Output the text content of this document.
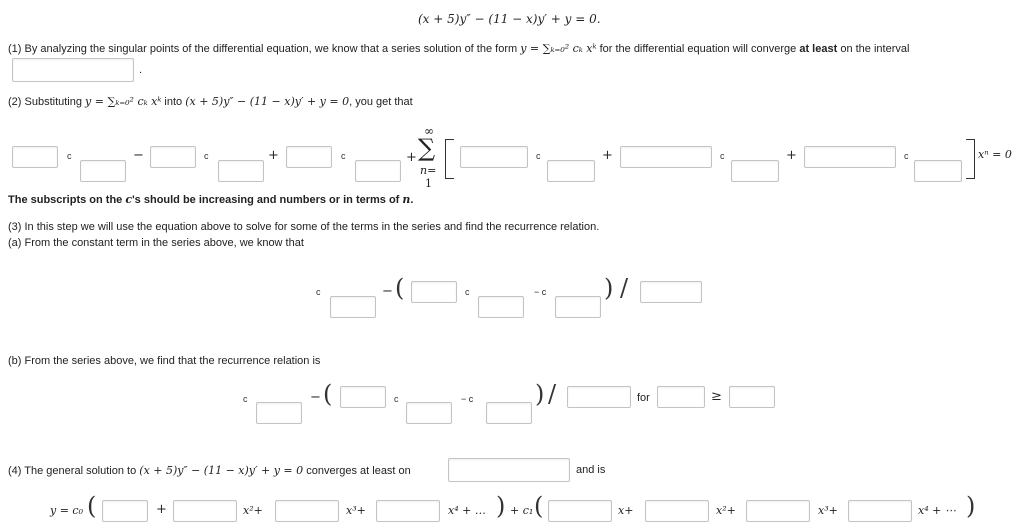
(x + 5)y″ − (11 − x)y′ + y = 0.
(1) By analyzing the singular points of the differential equation, we know that a series solution of the form y = ∑ₖ₌₀² cₖ xᵏ for the differential equation will converge at least on the interval
.
(2) Substituting y = ∑ₖ₌₀² cₖ xᵏ into (x + 5)y″ − (11 − x)y′ + y = 0, you get that
c	−	c	+	c	+
∞
∑
n=
1
c	+	c	+	c	xⁿ = 0
The subscripts on the c's should be increasing and numbers or in terms of n.
(3) In this step we will use the equation above to solve for some of the terms in the series and find the recurrence relation.
(a) From the constant term in the series above, we know that
c	− (	c	− c ) /
(b) From the series above, we find that the recurrence relation is
c	− (	c	− c	) /	for	≥
(4) The general solution to (x + 5)y″ − (11 − x)y′ + y = 0 converges at least on	and is
y = c₀ (	+	x²+	x³+	x⁴ + … ) + c₁ (	x+	x²+	x³+	x⁴ + ⋯ )
